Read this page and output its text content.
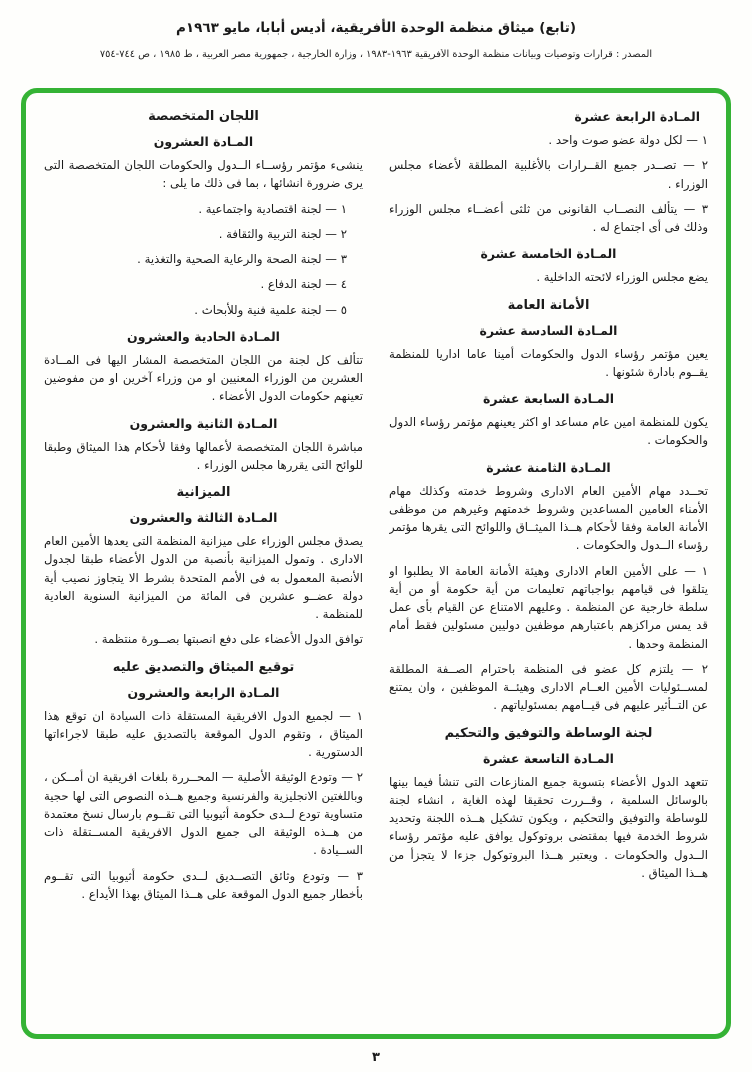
(تابع) ميثاق منظمة الوحدة الأفريقية، أديس أبابا، مايو ١٩٦٣م
المصدر : قرارات وتوصيات وبيانات منظمة الوحدة الأفريقية ١٩٦٣-١٩٨٣ ، وزارة الخارجية ، جمهورية مصر العربية ، ط ١٩٨٥ ، ص ٧٤٤-٧٥٤
المـادة الرابعة عشرة

١ — لكل دولة عضو صوت واحد .

٢ — تصــدر جميع القــرارات بالأغلبية المطلقة لأعضاء مجلس الوزراء .

٣ — يتألف النصــاب القانونى من ثلثى أعضــاء مجلس الوزراء وذلك فى أى اجتماع له .

المـادة الخامسة عشرة

يضع مجلس الوزراء لائحته الداخلية .

الأمانة العامة
المـادة السادسة عشرة

يعين مؤتمر رؤساء الدول والحكومات أمينا عاما اداريا للمنظمة يقــوم بادارة شئونها .

المـادة السابعة عشرة

يكون للمنظمة امين عام مساعد او اكثر يعينهم مؤتمر رؤساء الدول والحكومات .

المـادة الثامنة عشرة

تحــدد مهام الأمين العام الادارى وشروط خدمته وكذلك مهام الأمناء العامين المساعدين وشروط خدمتهم وغيرهم من موظفى الأمانة العامة وفقا لأحكام هــذا الميثــاق واللوائح التى يقرها مؤتمر رؤساء الــدول والحكومات .

١ — على الأمين العام الادارى وهيئة الأمانة العامة الا يطلبوا او يتلقوا فى قيامهم بواجباتهم تعليمات من أية حكومة أو من أية سلطة خارجية عن المنظمة . وعليهم الامتناع عن القيام بأى عمل قد يمس مراكزهم باعتبارهم موظفين دوليين مسئولين فقط أمام المنظمة وحدها .

٢ — يلتزم كل عضو فى المنظمة باحترام الصــفة المطلقة لمســئوليات الأمين العــام الادارى وهيئــة الموظفين ، وان يمتنع عن التــأثير عليهم فى قيــامهم بمسئولياتهم .

لجنة الوساطة والتوفيق والتحكيم
المـادة التاسعة عشرة

تتعهد الدول الأعضاء بتسوية جميع المنازعات التى تنشأ فيما بينها بالوسائل السلمية ، وقــررت تحقيقا لهذه الغاية ، انشاء لجنة للوساطة والتوفيق والتحكيم ، ويكون تشكيل هــذه اللجنة وتحديد شروط الخدمة فيها بمقتضى بروتوكول يوافق عليه مؤتمر رؤساء الــدول والحكومات . ويعتبر هــذا البروتوكول جزءا لا يتجزأ من هــذا الميثاق .

اللجان المتخصصة
المـادة العشرون

ينشىء مؤتمر رؤســاء الــدول والحكومات اللجان المتخصصة التى يرى ضرورة انشائها ، بما فى ذلك ما يلى :

١ — لجنة اقتصادية واجتماعية .

٢ — لجنة التربية والثقافة .

٣ — لجنة الصحة والرعاية الصحية والتغذية .

٤ — لجنة الدفاع .

٥ — لجنة علمية فنية وللأبحاث .

المـادة الحادية والعشرون

تتألف كل لجنة من اللجان المتخصصة المشار اليها فى المــادة العشرين من الوزراء المعنيين او من وزراء آخرين او من مفوضين تعينهم حكومات الدول الأعضاء .

المـادة الثانية والعشرون

مباشرة اللجان المتخصصة لأعمالها وفقا لأحكام هذا الميثاق وطبقا للوائح التى يقررها مجلس الوزراء .

الميزانية
المـادة الثالثة والعشرون

يصدق مجلس الوزراء على ميزانية المنظمة التى يعدها الأمين العام الادارى . وتمول الميزانية بأنصبة من الدول الأعضاء طبقا لجدول الأنصبة المعمول به فى الأمم المتحدة بشرط الا يتجاوز نصيب أية دولة عضــو عشرين فى المائة من الميزانية السنوية العادية للمنظمة .

توافق الدول الأعضاء على دفع انصبتها بصــورة منتظمة .

توقيع الميثاق والتصديق عليه
المـادة الرابعة والعشرون

١ — لجميع الدول الافريقية المستقلة ذات السيادة ان توقع هذا الميثاق ، وتقوم الدول الموقعة بالتصديق عليه طبقا لاجراءاتها الدستورية .

٢ — وتودع الوثيقة الأصلية — المحــررة بلغات افريقية ان أمــكن ، وباللغتين الانجليزية والفرنسية وجميع هــذه النصوص التى لها حجية متساوية تودع لــدى حكومة أثيوبيا التى تقــوم بارسال نسخ معتمدة من هــذه الوثيقة الى جميع الدول الافريقية المســتقلة ذات الســيادة .

٣ — وتودع وثائق التصــديق لــدى حكومة أثيوبيا التى تقــوم بأخطار جميع الدول الموقعة على هــذا الميثاق بهذا الأيداع .

٣
